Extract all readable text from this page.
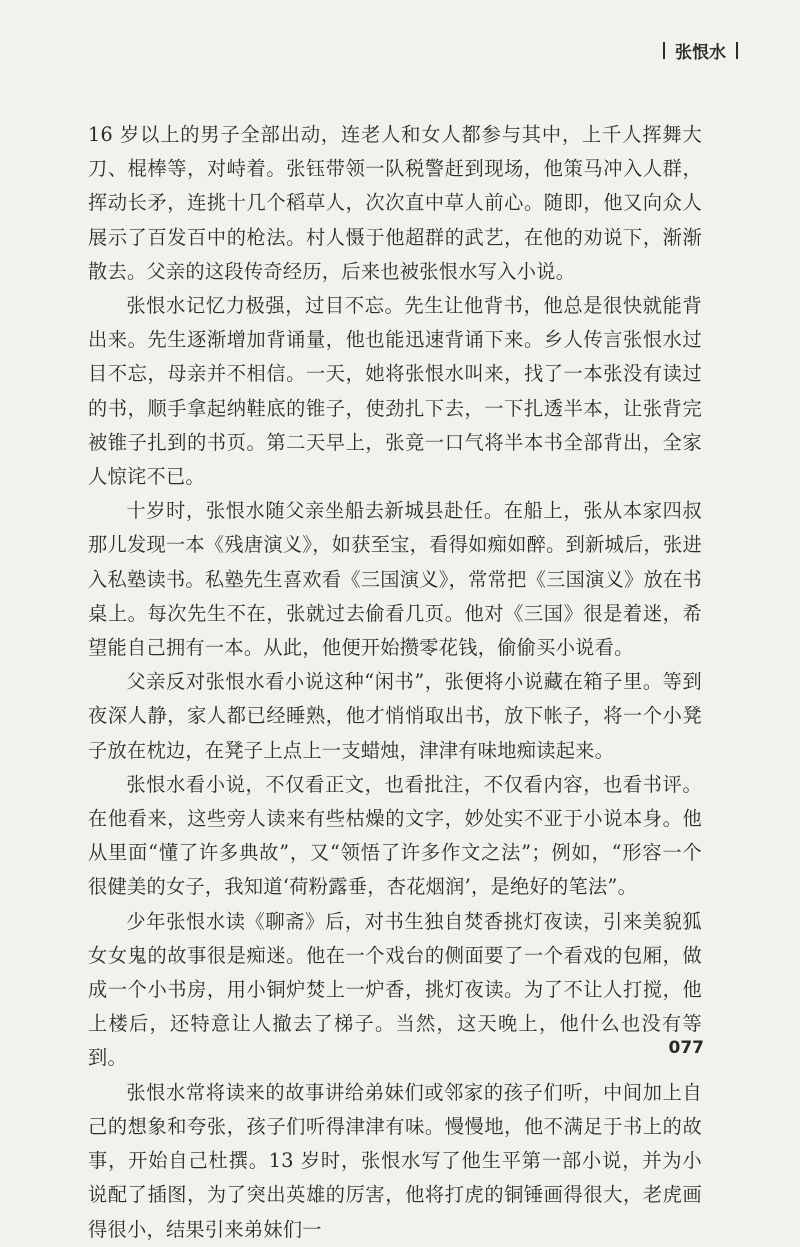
张恨水

16 岁以上的男子全部出动，连老人和女人都参与其中，上千人挥舞大刀、棍棒等，对峙着。张钰带领一队税警赶到现场，他策马冲入人群，挥动长矛，连挑十几个稻草人，次次直中草人前心。随即，他又向众人展示了百发百中的枪法。村人慑于他超群的武艺，在他的劝说下，渐渐散去。父亲的这段传奇经历，后来也被张恨水写入小说。

张恨水记忆力极强，过目不忘。先生让他背书，他总是很快就能背出来。先生逐渐增加背诵量，他也能迅速背诵下来。乡人传言张恨水过目不忘，母亲并不相信。一天，她将张恨水叫来，找了一本张没有读过的书，顺手拿起纳鞋底的锥子，使劲扎下去，一下扎透半本，让张背完被锥子扎到的书页。第二天早上，张竟一口气将半本书全部背出，全家人惊诧不已。

十岁时，张恨水随父亲坐船去新城县赴任。在船上，张从本家四叔那儿发现一本《残唐演义》，如获至宝，看得如痴如醉。到新城后，张进入私塾读书。私塾先生喜欢看《三国演义》，常常把《三国演义》放在书桌上。每次先生不在，张就过去偷看几页。他对《三国》很是着迷，希望能自己拥有一本。从此，他便开始攒零花钱，偷偷买小说看。

父亲反对张恨水看小说这种“闲书”，张便将小说藏在箱子里。等到夜深人静，家人都已经睡熟，他才悄悄取出书，放下帐子，将一个小凳子放在枕边，在凳子上点上一支蜡烛，津津有味地痴读起来。

张恨水看小说，不仅看正文，也看批注，不仅看内容，也看书评。在他看来，这些旁人读来有些枯燥的文字，妙处实不亚于小说本身。他从里面“懂了许多典故”，又“领悟了许多作文之法”；例如，“形容一个很健美的女子，我知道‘荷粉露垂，杏花烟润’，是绝好的笔法”。

少年张恨水读《聊斋》后，对书生独自焚香挑灯夜读，引来美貌狐女女鬼的故事很是痴迷。他在一个戏台的侧面要了一个看戏的包厢，做成一个小书房，用小铜炉焚上一炉香，挑灯夜读。为了不让人打搅，他上楼后，还特意让人撤去了梯子。当然，这天晚上，他什么也没有等到。

张恨水常将读来的故事讲给弟妹们或邻家的孩子们听，中间加上自己的想象和夸张，孩子们听得津津有味。慢慢地，他不满足于书上的故事，开始自己杜撰。13 岁时，张恨水写了他生平第一部小说，并为小说配了插图，为了突出英雄的厉害，他将打虎的铜锤画得很大，老虎画得很小，结果引来弟妹们一

077
